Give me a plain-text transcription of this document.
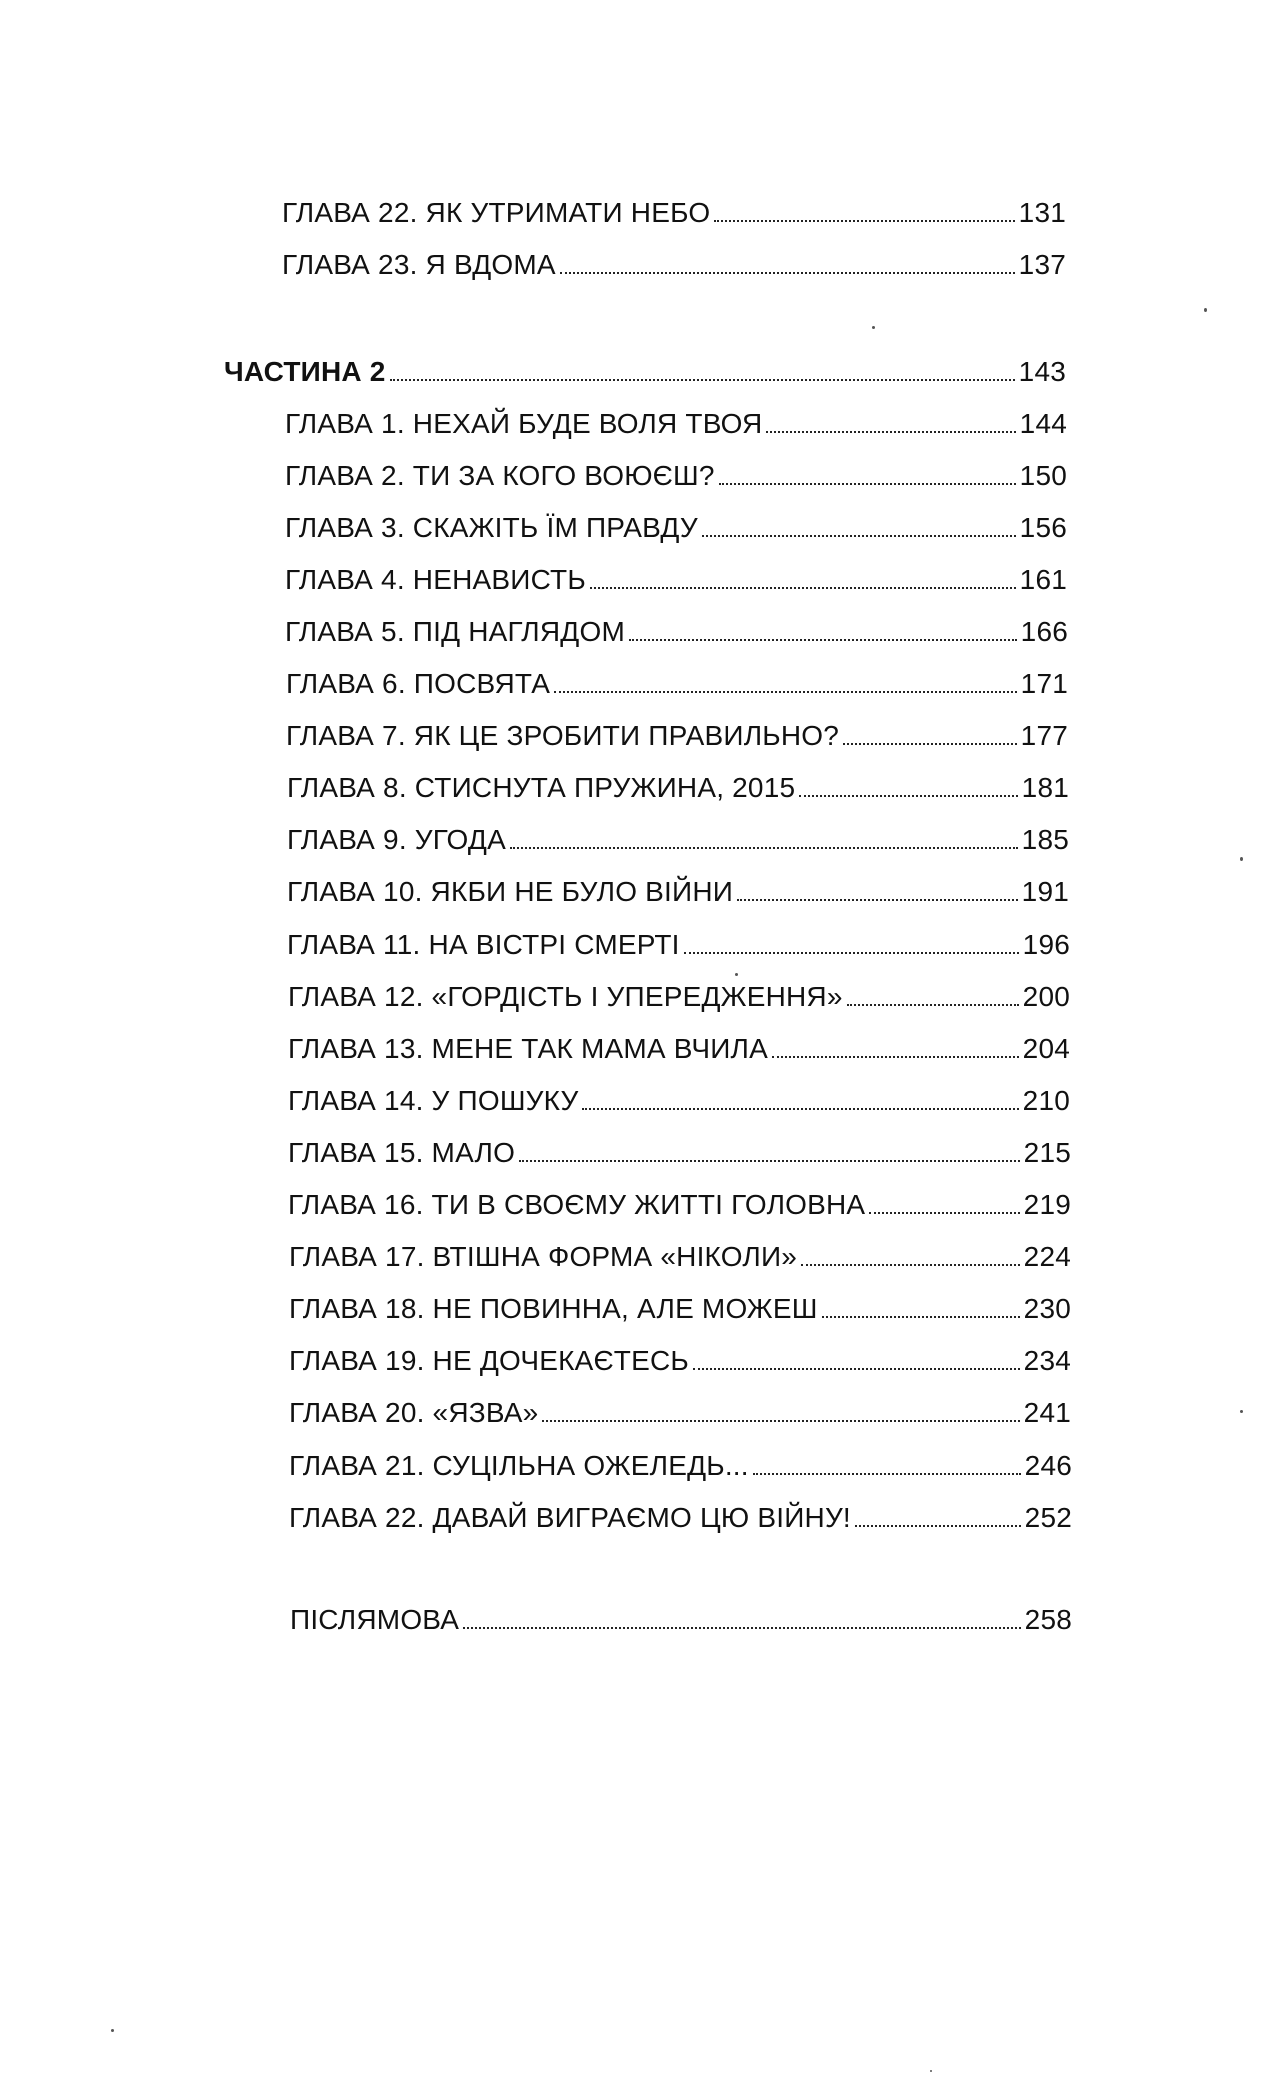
ГЛАВА 22. ЯК УТРИМАТИ НЕБО	131
ГЛАВА 23. Я ВДОМА	137
ЧАСТИНА 2	143
ГЛАВА 1. НЕХАЙ БУДЕ ВОЛЯ ТВОЯ	144
ГЛАВА 2. ТИ ЗА КОГО ВОЮЄШ?	150
ГЛАВА 3. СКАЖІТЬ ЇМ ПРАВДУ	156
ГЛАВА 4. НЕНАВИСТЬ	161
ГЛАВА 5. ПІД НАГЛЯДОМ	166
ГЛАВА 6. ПОСВЯТА	171
ГЛАВА 7. ЯК ЦЕ ЗРОБИТИ ПРАВИЛЬНО?	177
ГЛАВА 8. СТИСНУТА ПРУЖИНА, 2015	181
ГЛАВА 9. УГОДА	185
ГЛАВА 10. ЯКБИ НЕ БУЛО ВІЙНИ	191
ГЛАВА 11. НА ВІСТРІ СМЕРТІ	196
ГЛАВА 12. «ГОРДІСТЬ І УПЕРЕДЖЕННЯ»	200
ГЛАВА 13. МЕНЕ ТАК МАМА ВЧИЛА	204
ГЛАВА 14. У ПОШУКУ	210
ГЛАВА 15. МАЛО	215
ГЛАВА 16. ТИ В СВОЄМУ ЖИТТІ ГОЛОВНА	219
ГЛАВА 17. ВТІШНА ФОРМА «НІКОЛИ»	224
ГЛАВА 18. НЕ ПОВИННА, АЛЕ МОЖЕШ	230
ГЛАВА 19. НЕ ДОЧЕКАЄТЕСЬ	234
ГЛАВА 20. «ЯЗВА»	241
ГЛАВА 21. СУЦІЛЬНА ОЖЕЛЕДЬ...	246
ГЛАВА 22. ДАВАЙ ВИГРАЄМО ЦЮ ВІЙНУ!	252
ПІСЛЯМОВА	258
